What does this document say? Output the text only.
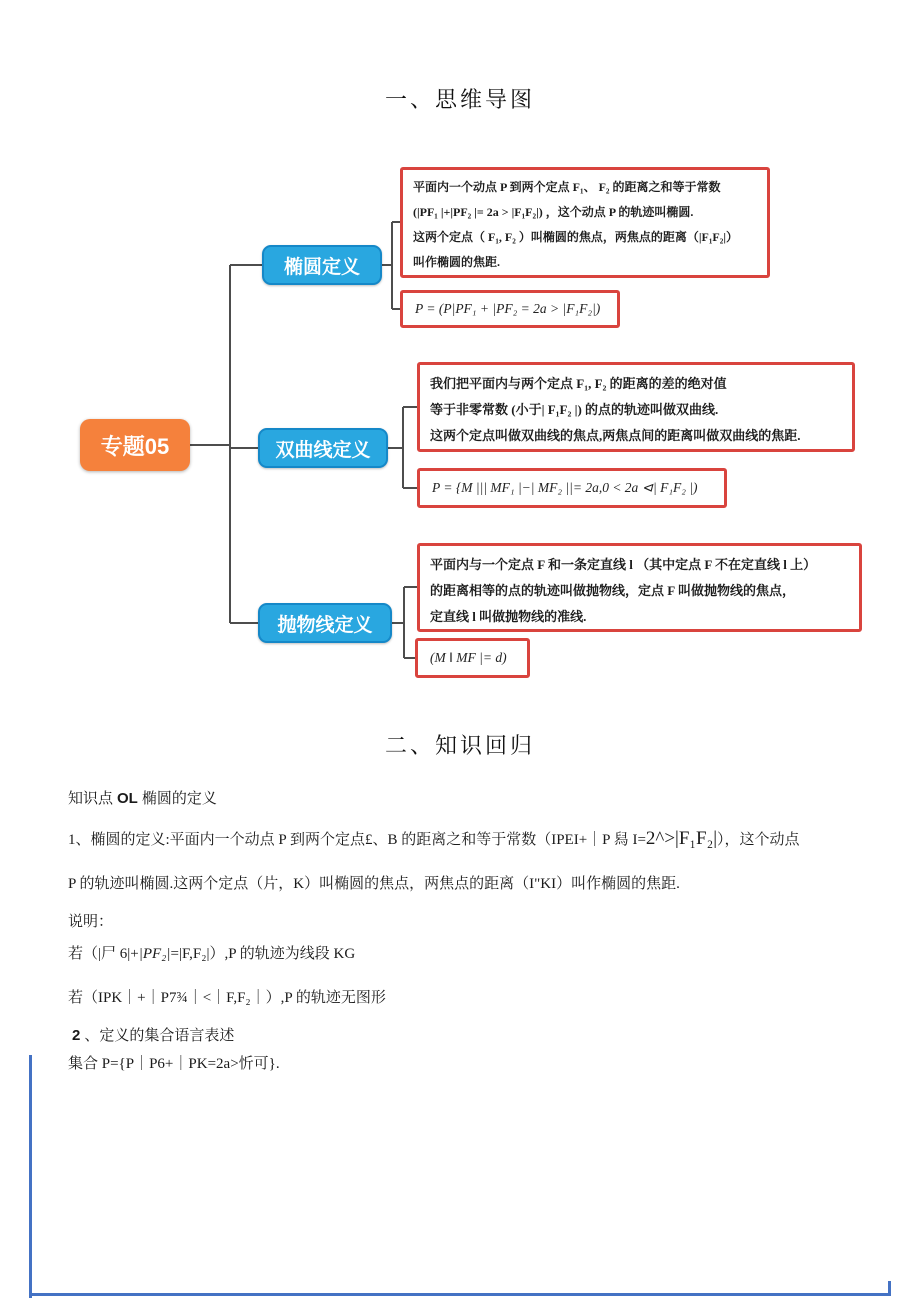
一、思维导图
专题05
椭圆定义
双曲线定义
抛物线定义
平面内一个动点 P 到两个定点 F₁、 F₂ 的距离之和等于常数
(|PF₁ |+|PF₂ |= 2a > |F₁F₂|) ，这个动点 P 的轨迹叫椭圆.
这两个定点（ F₁, F₂ ）叫椭圆的焦点，两焦点的距离（|F₁F₂|）
叫作椭圆的焦距.
P = (P|PF₁ + |PF₂ = 2a > |F₁F₂|)
我们把平面内与两个定点 F₁, F₂ 的距离的差的绝对值
等于非零常数 (小于| F₁F₂ |) 的点的轨迹叫做双曲线.
这两个定点叫做双曲线的焦点,两焦点间的距离叫做双曲线的焦距.
P = {M ||| MF₁ |−| MF₂ ||= 2a,0 < 2a ⊲| F₁F₂ |)
平面内与一个定点 F 和一条定直线 l （其中定点 F 不在定直线 l 上）
的距离相等的点的轨迹叫做抛物线，定点 F 叫做抛物线的焦点，
定直线 l 叫做抛物线的准线.
(M ‖ MF |= d)
二、知识回归
知识点 OL 椭圆的定义
1、椭圆的定义:平面内一个动点 P 到两个定点£、B 的距离之和等于常数（IPEI+｜P 舄 I=2^>|F₁F₂|），这个动点
P 的轨迹叫椭圆.这两个定点（片，K）叫椭圆的焦点，两焦点的距离（I"KI）叫作椭圆的焦距.
说明：
若（|尸 6|+|PF₂|=|F,F₂|）,P 的轨迹为线段 KG
若（IPK｜+｜P7¾｜<｜F,F₂｜）,P 的轨迹无图形
2 、定义的集合语言表述
集合 P={P｜P6+｜PK=2a>忻可}.
